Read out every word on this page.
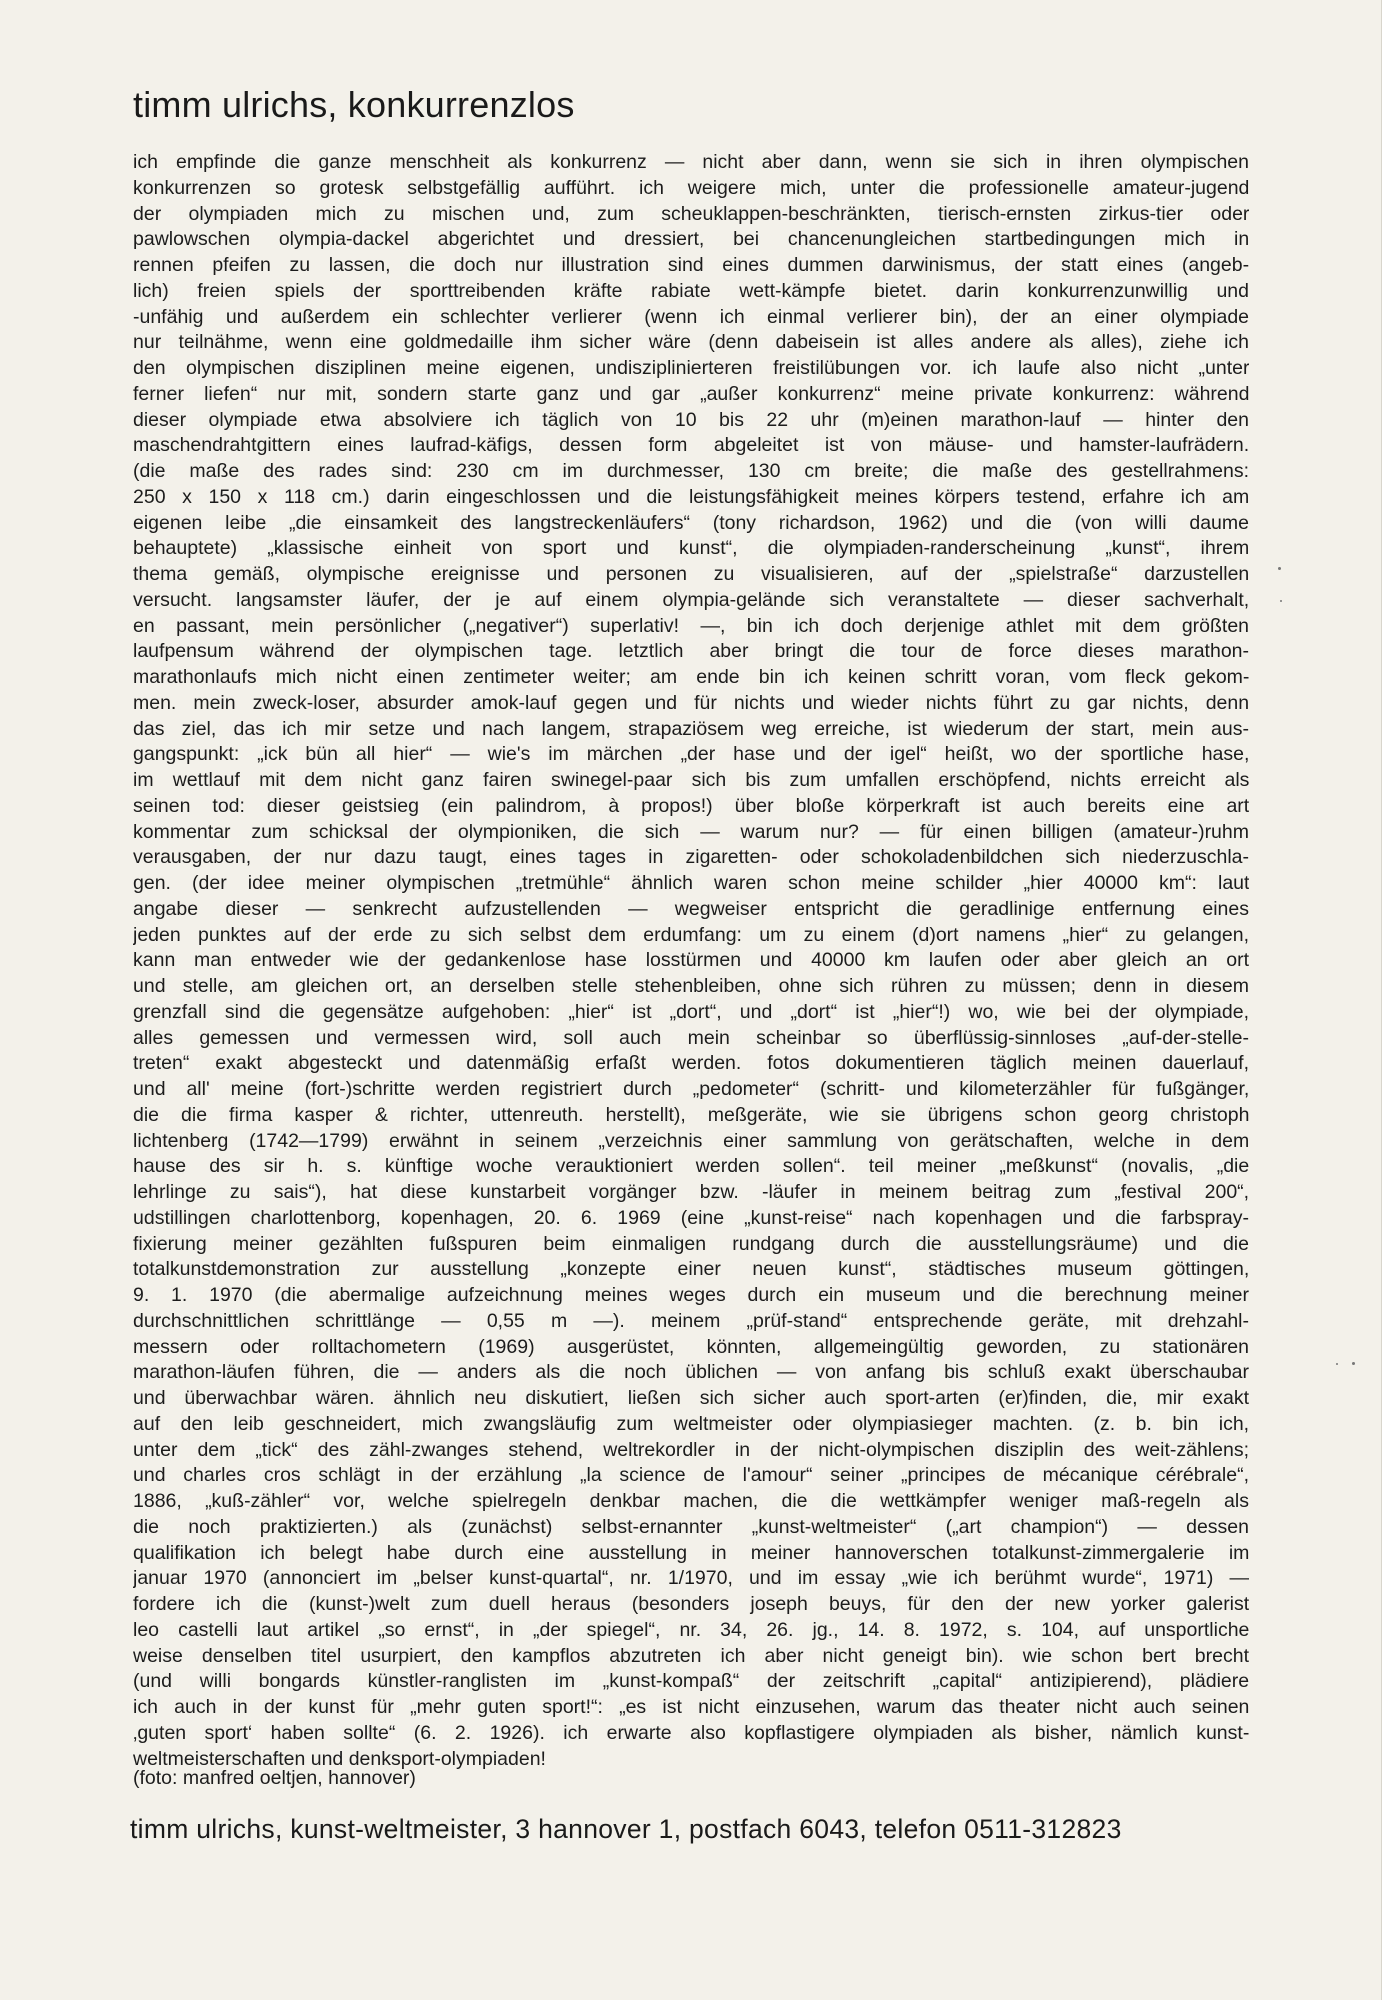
timm ulrichs, konkurrenzlos
ich empfinde die ganze menschheit als konkurrenz — nicht aber dann, wenn sie sich in ihren olympischen
konkurrenzen so grotesk selbstgefällig aufführt. ich weigere mich, unter die professionelle amateur-jugend
der olympiaden mich zu mischen und, zum scheuklappen-beschränkten, tierisch-ernsten zirkus-tier oder
pawlowschen olympia-dackel abgerichtet und dressiert, bei chancenungleichen startbedingungen mich in
rennen pfeifen zu lassen, die doch nur illustration sind eines dummen darwinismus, der statt eines (angeb-
lich) freien spiels der sporttreibenden kräfte rabiate wett-kämpfe bietet. darin konkurrenzunwillig und
-unfähig und außerdem ein schlechter verlierer (wenn ich einmal verlierer bin), der an einer olympiade
nur teilnähme, wenn eine goldmedaille ihm sicher wäre (denn dabeisein ist alles andere als alles), ziehe ich
den olympischen disziplinen meine eigenen, undisziplinierteren freistilübungen vor. ich laufe also nicht „unter
ferner liefen“ nur mit, sondern starte ganz und gar „außer konkurrenz“ meine private konkurrenz: während
dieser olympiade etwa absolviere ich täglich von 10 bis 22 uhr (m)einen marathon-lauf — hinter den
maschendrahtgittern eines laufrad-käfigs, dessen form abgeleitet ist von mäuse- und hamster-laufrädern.
(die maße des rades sind: 230 cm im durchmesser, 130 cm breite; die maße des gestellrahmens:
250 x 150 x 118 cm.) darin eingeschlossen und die leistungsfähigkeit meines körpers testend, erfahre ich am
eigenen leibe „die einsamkeit des langstreckenläufers“ (tony richardson, 1962) und die (von willi daume
behauptete) „klassische einheit von sport und kunst“, die olympiaden-randerscheinung „kunst“, ihrem
thema gemäß, olympische ereignisse und personen zu visualisieren, auf der „spielstraße“ darzustellen
versucht. langsamster läufer, der je auf einem olympia-gelände sich veranstaltete — dieser sachverhalt,
en passant, mein persönlicher („negativer“) superlativ! —, bin ich doch derjenige athlet mit dem größten
laufpensum während der olympischen tage. letztlich aber bringt die tour de force dieses marathon-
marathonlaufs mich nicht einen zentimeter weiter; am ende bin ich keinen schritt voran, vom fleck gekom-
men. mein zweck-loser, absurder amok-lauf gegen und für nichts und wieder nichts führt zu gar nichts, denn
das ziel, das ich mir setze und nach langem, strapaziösem weg erreiche, ist wiederum der start, mein aus-
gangspunkt: „ick bün all hier“ — wie's im märchen „der hase und der igel“ heißt, wo der sportliche hase,
im wettlauf mit dem nicht ganz fairen swinegel-paar sich bis zum umfallen erschöpfend, nichts erreicht als
seinen tod: dieser geistsieg (ein palindrom, à propos!) über bloße körperkraft ist auch bereits eine art
kommentar zum schicksal der olympioniken, die sich — warum nur? — für einen billigen (amateur-)ruhm
verausgaben, der nur dazu taugt, eines tages in zigaretten- oder schokoladenbildchen sich niederzuschla-
gen. (der idee meiner olympischen „tretmühle“ ähnlich waren schon meine schilder „hier 40000 km“: laut
angabe dieser — senkrecht aufzustellenden — wegweiser entspricht die geradlinige entfernung eines
jeden punktes auf der erde zu sich selbst dem erdumfang: um zu einem (d)ort namens „hier“ zu gelangen,
kann man entweder wie der gedankenlose hase losstürmen und 40000 km laufen oder aber gleich an ort
und stelle, am gleichen ort, an derselben stelle stehenbleiben, ohne sich rühren zu müssen; denn in diesem
grenzfall sind die gegensätze aufgehoben: „hier“ ist „dort“, und „dort“ ist „hier“!) wo, wie bei der olympiade,
alles gemessen und vermessen wird, soll auch mein scheinbar so überflüssig-sinnloses „auf-der-stelle-
treten“ exakt abgesteckt und datenmäßig erfaßt werden. fotos dokumentieren täglich meinen dauerlauf,
und all' meine (fort-)schritte werden registriert durch „pedometer“ (schritt- und kilometerzähler für fußgänger,
die die firma kasper & richter, uttenreuth. herstellt), meßgeräte, wie sie übrigens schon georg christoph
lichtenberg (1742—1799) erwähnt in seinem „verzeichnis einer sammlung von gerätschaften, welche in dem
hause des sir h. s. künftige woche verauktioniert werden sollen“. teil meiner „meßkunst“ (novalis, „die
lehrlinge zu sais“), hat diese kunstarbeit vorgänger bzw. -läufer in meinem beitrag zum „festival 200“,
udstillingen charlottenborg, kopenhagen, 20. 6. 1969 (eine „kunst-reise“ nach kopenhagen und die farbspray-
fixierung meiner gezählten fußspuren beim einmaligen rundgang durch die ausstellungsräume) und die
totalkunstdemonstration zur ausstellung „konzepte einer neuen kunst“, städtisches museum göttingen,
9. 1. 1970 (die abermalige aufzeichnung meines weges durch ein museum und die berechnung meiner
durchschnittlichen schrittlänge — 0,55 m —). meinem „prüf-stand“ entsprechende geräte, mit drehzahl-
messern oder rolltachometern (1969) ausgerüstet, könnten, allgemeingültig geworden, zu stationären
marathon-läufen führen, die — anders als die noch üblichen — von anfang bis schluß exakt überschaubar
und überwachbar wären. ähnlich neu diskutiert, ließen sich sicher auch sport-arten (er)finden, die, mir exakt
auf den leib geschneidert, mich zwangsläufig zum weltmeister oder olympiasieger machten. (z. b. bin ich,
unter dem „tick“ des zähl-zwanges stehend, weltrekordler in der nicht-olympischen disziplin des weit-zählens;
und charles cros schlägt in der erzählung „la science de l'amour“ seiner „principes de mécanique cérébrale“,
1886, „kuß-zähler“ vor, welche spielregeln denkbar machen, die die wettkämpfer weniger maß-regeln als
die noch praktizierten.) als (zunächst) selbst-ernannter „kunst-weltmeister“ („art champion“) — dessen
qualifikation ich belegt habe durch eine ausstellung in meiner hannoverschen totalkunst-zimmergalerie im
januar 1970 (annonciert im „belser kunst-quartal“, nr. 1/1970, und im essay „wie ich berühmt wurde“, 1971) —
fordere ich die (kunst-)welt zum duell heraus (besonders joseph beuys, für den der new yorker galerist
leo castelli laut artikel „so ernst“, in „der spiegel“, nr. 34, 26. jg., 14. 8. 1972, s. 104, auf unsportliche
weise denselben titel usurpiert, den kampflos abzutreten ich aber nicht geneigt bin). wie schon bert brecht
(und willi bongards künstler-ranglisten im „kunst-kompaß“ der zeitschrift „capital“ antizipierend), plädiere
ich auch in der kunst für „mehr guten sport!“: „es ist nicht einzusehen, warum das theater nicht auch seinen
‚guten sport‘ haben sollte“ (6. 2. 1926). ich erwarte also kopflastigere olympiaden als bisher, nämlich kunst-
weltmeisterschaften und denksport-olympiaden!

(foto: manfred oeltjen, hannover)

timm ulrichs, kunst-weltmeister, 3 hannover 1, postfach 6043, telefon 0511-312823
